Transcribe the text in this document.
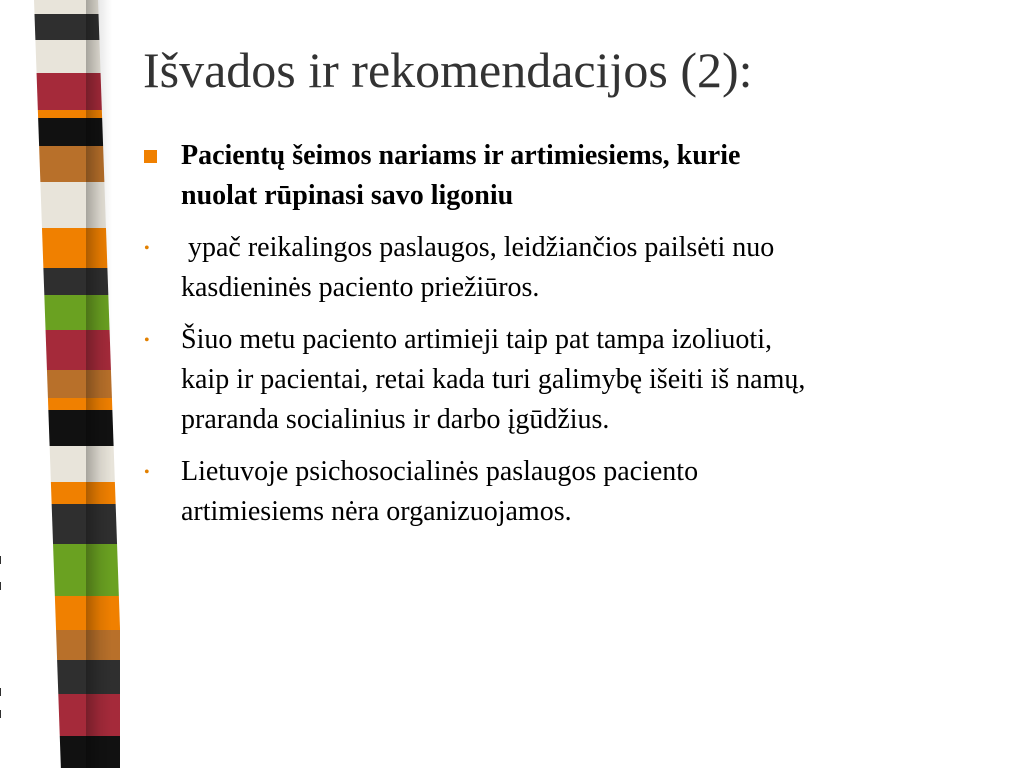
Išvados ir rekomendacijos (2):
Pacientų šeimos nariams ir artimiesiems, kurie
nuolat rūpinasi savo ligoniu
• ypač reikalingos paslaugos, leidžiančios pailsėti nuo
kasdieninės paciento priežiūros.
• Šiuo metu paciento artimieji taip pat tampa izoliuoti,
kaip ir pacientai, retai kada turi galimybę išeiti iš namų,
praranda socialinius ir darbo įgūdžius.
• Lietuvoje psichosocialinės paslaugos paciento
artimiesiems nėra organizuojamos.
